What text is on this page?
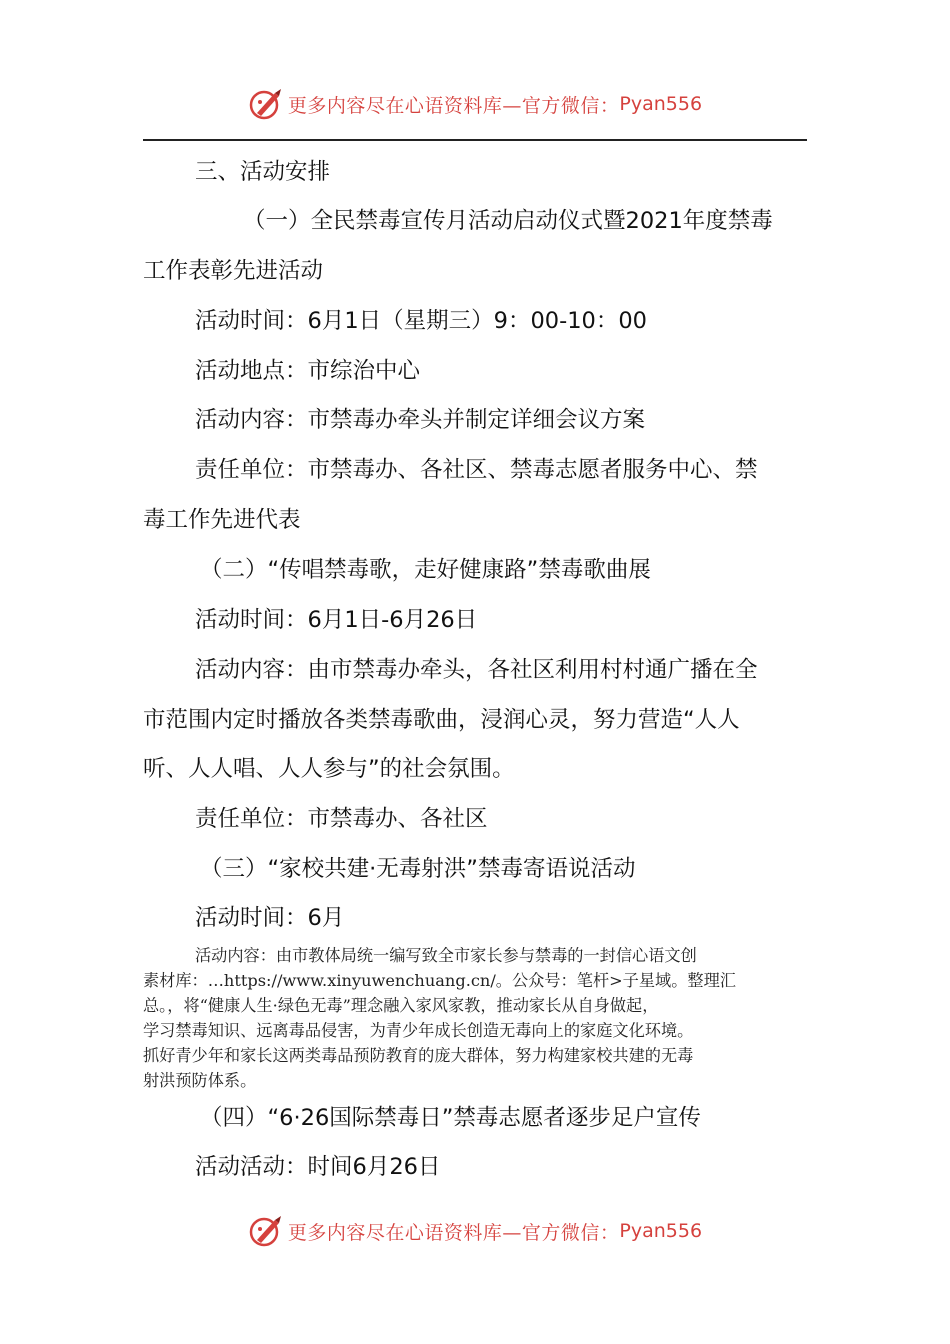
更多内容尽在心语资料库—官方微信： Pyan556
三、活动安排
（一）全民禁毒宣传月活动启动仪式暨2021年度禁毒
工作表彰先进活动
活动时间：6月1日（星期三）9：00-10：00
活动地点：市综治中心
活动内容：市禁毒办牵头并制定详细会议方案
责任单位：市禁毒办、各社区、禁毒志愿者服务中心、禁
毒工作先进代表
（二）“传唱禁毒歌，走好健康路”禁毒歌曲展
活动时间：6月1日-6月26日
活动内容：由市禁毒办牵头，各社区利用村村通广播在全
市范围内定时播放各类禁毒歌曲，浸润心灵，努力营造“人人
听、人人唱、人人参与”的社会氛围。
责任单位：市禁毒办、各社区
（三）“家校共建·无毒射洪”禁毒寄语说活动
活动时间：6月
活动内容：由市教体局统一编写致全市家长参与禁毒的一封信心语文创
素材库：…https://www.xinyuwenchuang.cn/。公众号：笔杆>子星域。整理汇
总。，将“健康人生·绿色无毒”理念融入家风家教，推动家长从自身做起，
学习禁毒知识、远离毒品侵害，为青少年成长创造无毒向上的家庭文化环境。
抓好青少年和家长这两类毒品预防教育的庞大群体，努力构建家校共建的无毒
射洪预防体系。
（四）“6·26国际禁毒日”禁毒志愿者逐步足户宣传
活动活动：时间6月26日
更多内容尽在心语资料库—官方微信： Pyan556
